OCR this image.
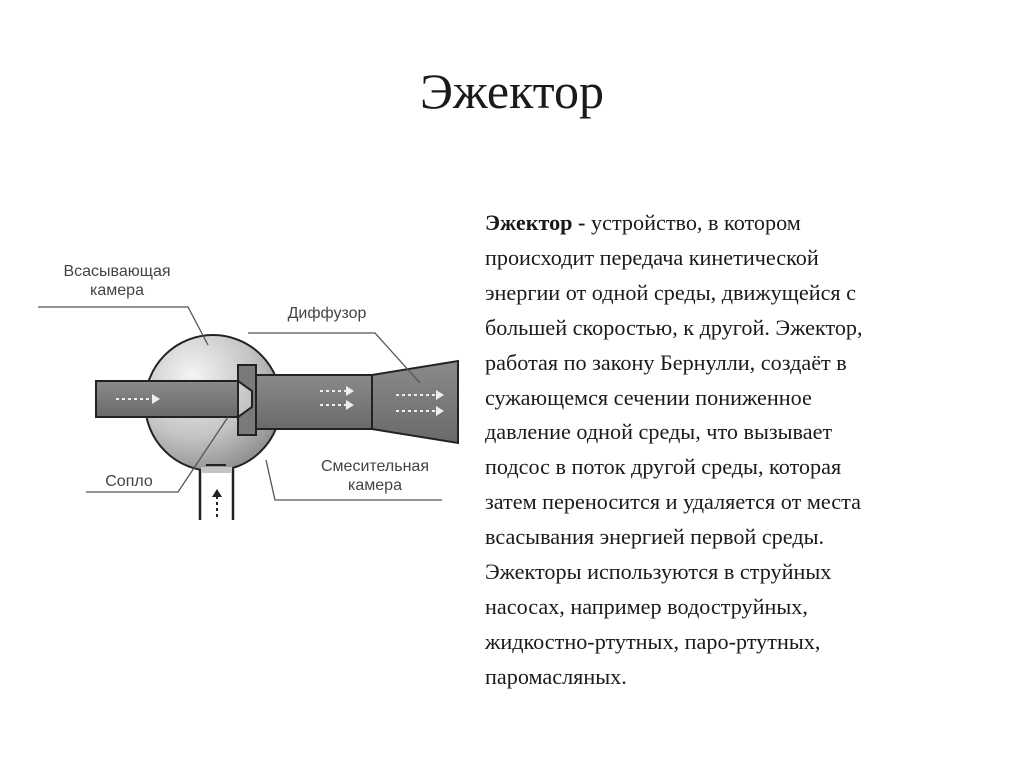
Эжектор
Всасывающая
камера
Диффузор
Сопло
Смесительная
камера
Эжектор - устройство, в котором
происходит передача кинетической
энергии от одной среды, движущейся с
большей скоростью, к другой. Эжектор,
работая по закону Бернулли, создаёт в
сужающемся сечении пониженное
давление одной среды, что вызывает
подсос в поток другой среды, которая
затем переносится и удаляется от места
всасывания энергией первой среды.
Эжекторы используются в струйных
насосах, например водоструйных,
жидкостно-ртутных, паро-ртутных,
паромасляных.
